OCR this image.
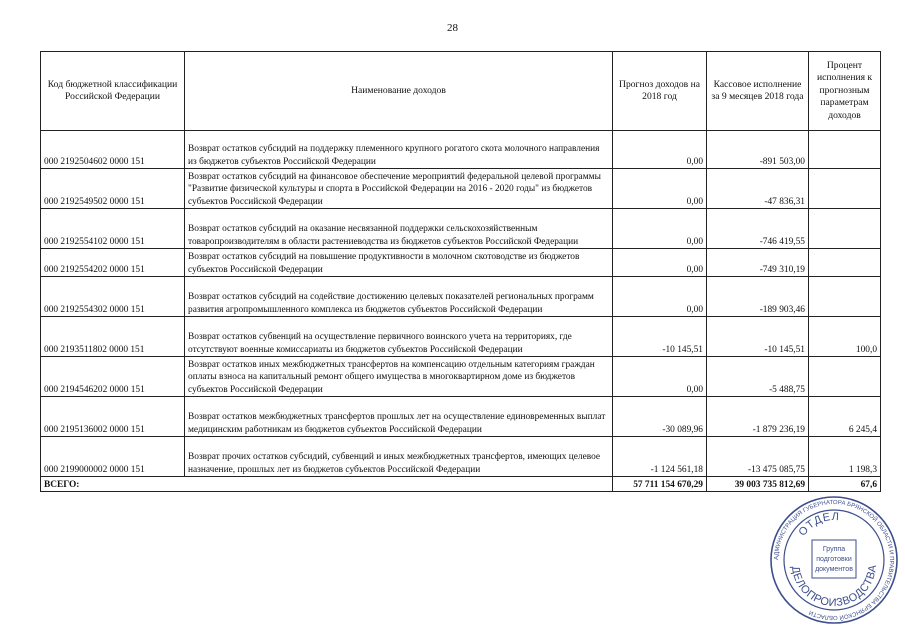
28
Код бюджетной классификации Российской Федерации	Наименование доходов	Прогноз доходов на 2018 год	Кассовое исполнение за 9 месяцев 2018 года	Процент исполнения к прогнозным параметрам доходов
000 2192504602 0000 151	Возврат остатков субсидий на поддержку племенного крупного рогатого скота молочного направления из бюджетов субъектов Российской Федерации	0,00	-891 503,00	
000 2192549502 0000 151	Возврат остатков субсидий на финансовое обеспечение мероприятий федеральной целевой программы "Развитие физической культуры и спорта в Российской Федерации на 2016 - 2020 годы" из бюджетов субъектов Российской Федерации	0,00	-47 836,31	
000 2192554102 0000 151	Возврат остатков субсидий на оказание несвязанной поддержки сельскохозяйственным товаропроизводителям в области растениеводства из бюджетов субъектов Российской Федерации	0,00	-746 419,55	
000 2192554202 0000 151	Возврат остатков субсидий на повышение продуктивности в молочном скотоводстве из бюджетов субъектов Российской Федерации	0,00	-749 310,19	
000 2192554302 0000 151	Возврат остатков субсидий на содействие достижению целевых показателей региональных программ развития агропромышленного комплекса из бюджетов субъектов Российской Федерации	0,00	-189 903,46	
000 2193511802 0000 151	Возврат остатков субвенций на осуществление первичного воинского учета на территориях, где отсутствуют военные комиссариаты из бюджетов субъектов Российской Федерации	-10 145,51	-10 145,51	100,0
000 2194546202 0000 151	Возврат остатков иных межбюджетных трансфертов на компенсацию отдельным категориям граждан оплаты взноса на капитальный ремонт общего имущества в многоквартирном доме из бюджетов субъектов Российской Федерации	0,00	-5 488,75	
000 2195136002 0000 151	Возврат остатков межбюджетных трансфертов прошлых лет на осуществление единовременных выплат медицинским работникам из бюджетов субъектов Российской Федерации	-30 089,96	-1 879 236,19	6 245,4
000 2199000002 0000 151	Возврат прочих остатков субсидий, субвенций и иных межбюджетных трансфертов, имеющих целевое назначение, прошлых лет из бюджетов субъектов Российской Федерации	-1 124 561,18	-13 475 085,75	1 198,3
ВСЕГО:		57 711 154 670,29	39 003 735 812,69	67,6
АДМИНИСТРАЦИЯ ГУБЕРНАТОРА БРЯНСКОЙ ОБЛАСТИ И ПРАВИТЕЛЬСТВА БРЯНСКОЙ ОБЛАСТИ
ОТДЕЛ
ДЕЛОПРОИЗВОДСТВА
Группа
подготовки
документов
